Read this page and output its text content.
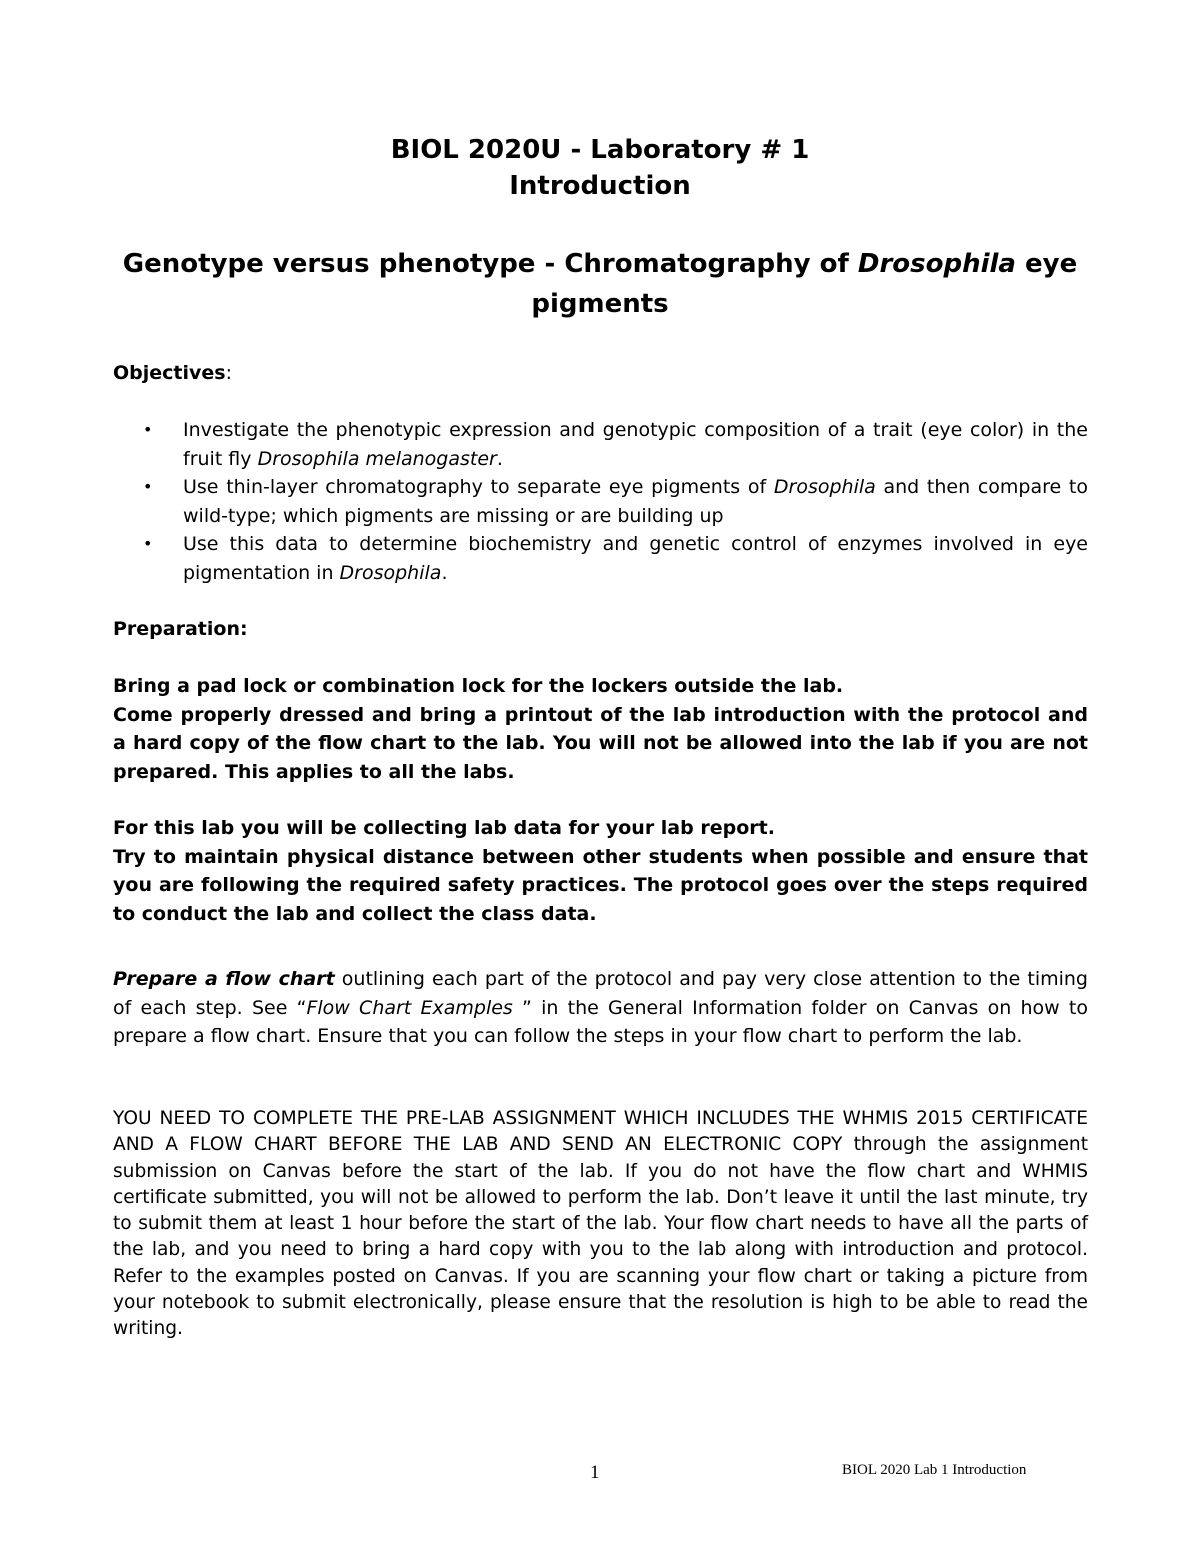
BIOL 2020U - Laboratory # 1
Introduction
Genotype versus phenotype - Chromatography of Drosophila eye pigments
Objectives:
• Investigate the phenotypic expression and genotypic composition of a trait (eye color) in the fruit fly Drosophila melanogaster.
• Use thin-layer chromatography to separate eye pigments of Drosophila and then compare to wild-type; which pigments are missing or are building up
• Use this data to determine biochemistry and genetic control of enzymes involved in eye pigmentation in Drosophila.
Preparation:

Bring a pad lock or combination lock for the lockers outside the lab.

Come properly dressed and bring a printout of the lab introduction with the protocol and a hard copy of the flow chart to the lab. You will not be allowed into the lab if you are not prepared. This applies to all the labs.

For this lab you will be collecting lab data for your lab report.

Try to maintain physical distance between other students when possible and ensure that you are following the required safety practices. The protocol goes over the steps required to conduct the lab and collect the class data.

Prepare a flow chart outlining each part of the protocol and pay very close attention to the timing of each step. See “Flow Chart Examples ” in the General Information folder on Canvas on how to prepare a flow chart. Ensure that you can follow the steps in your flow chart to perform the lab.
YOU NEED TO COMPLETE THE PRE-LAB ASSIGNMENT WHICH INCLUDES THE WHMIS 2015 CERTIFICATE AND A FLOW CHART BEFORE THE LAB AND SEND AN ELECTRONIC COPY through the assignment submission on Canvas before the start of the lab. If you do not have the flow chart and WHMIS certificate submitted, you will not be allowed to perform the lab. Don’t leave it until the last minute, try to submit them at least 1 hour before the start of the lab. Your flow chart needs to have all the parts of the lab, and you need to bring a hard copy with you to the lab along with introduction and protocol. Refer to the examples posted on Canvas. If you are scanning your flow chart or taking a picture from your notebook to submit electronically, please ensure that the resolution is high to be able to read the writing.
1	BIOL 2020 Lab 1 Introduction
